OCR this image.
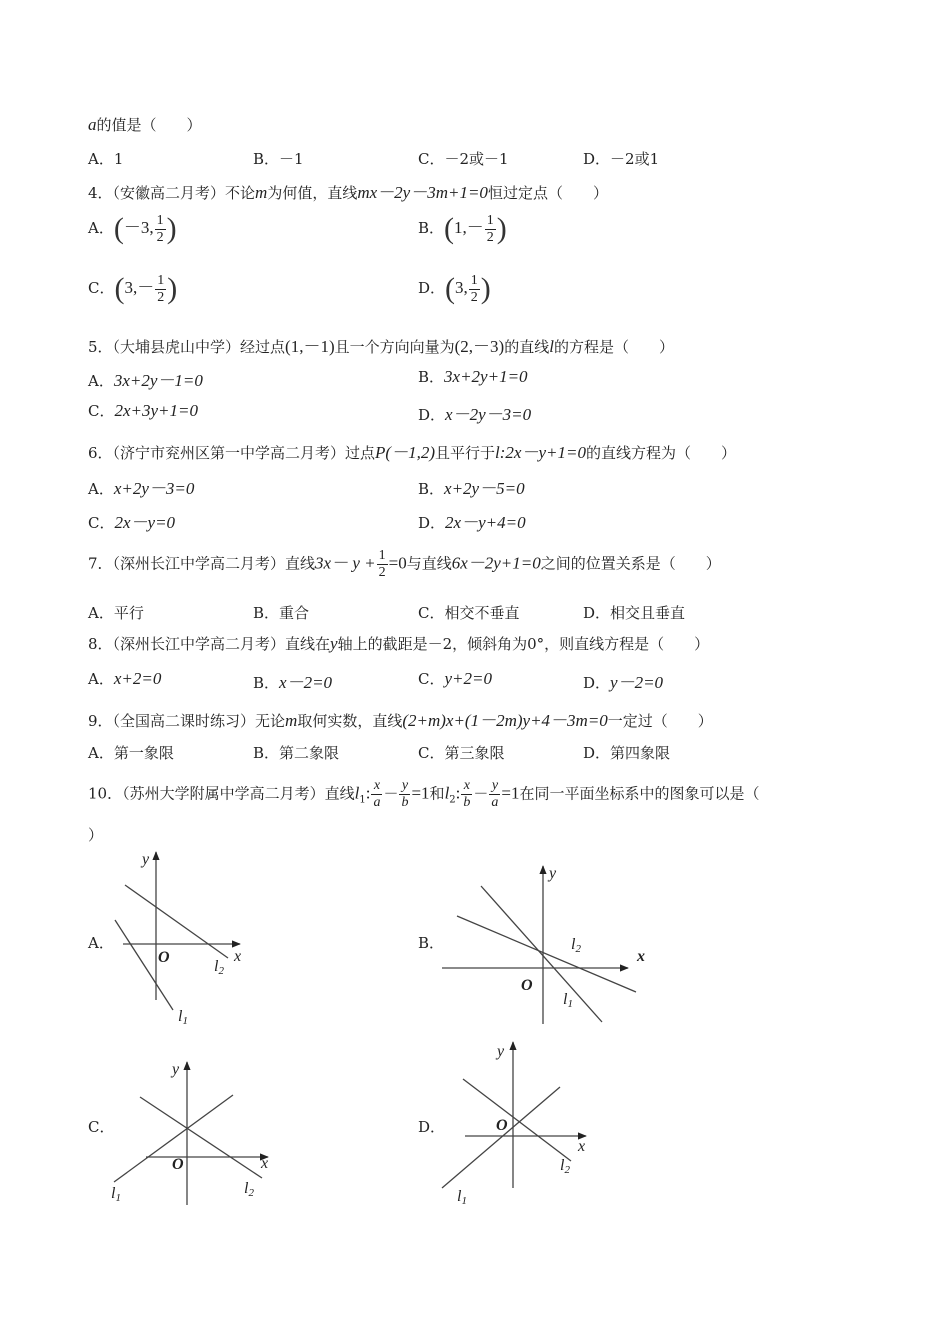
a的值是（　　）
A．1	B．－1	C．－2或－1	D．－2或1
4．（安徽高二月考）不论m为何值，直线mx－2y－3m+1=0恒过定点（　　）
A．(－3, $\frac{1}{2}$ )	B．($1,- \frac{1}{2}$ )
C．($3,- \frac{1}{2}$ )	D．(3, $\frac{1}{2}$ )
5．（大埔县虎山中学）经过点(1,－1)且一个方向向量为(2,－3)的直线l的方程是（　　）
A．3x+2y－1=0	B．3x+2y+1=0
C．2x+3y+1=0	D．x－2y－3=0
6．（济宁市兖州区第一中学高二月考）过点P(－1,2)且平行于l:2x－y+1=0的直线方程为（　　）
A．x+2y－3=0	B．x+2y－5=0
C．2x－y=0	D．2x－y+4=0
7．（深州长江中学高二月考）直线$3x- y + \frac{1}{2} =0$与直线6x－2y+1=0之间的位置关系是（　　）
A．平行	B．重合	C．相交不垂直	D．相交且垂直
8．（深州长江中学高二月考）直线在y轴上的截距是－2，倾斜角为0°，则直线方程是（　　）
A．x+2=0	B．x－2=0	C．y+2=0	D．y－2=0
9．（全国高二课时练习）无论m取何实数，直线(2+m)x+(1－2m)y+4－3m=0一定过（　　）
A．第一象限	B．第二象限	C．第三象限	D．第四象限
10．（苏州大学附属中学高二月考）直线$l_1$: $\frac{x}{a} - \frac{y}{b} =1$和$l_2$: $\frac{x}{b} - \frac{y}{a} =1$在同一平面坐标系中的图象可以是（
）
A．	B．
C．	D．
y
x
O
l2
l1
y
x
O
l2
l1
y
x
O
l1
l2
y
x
O
l1
l2
